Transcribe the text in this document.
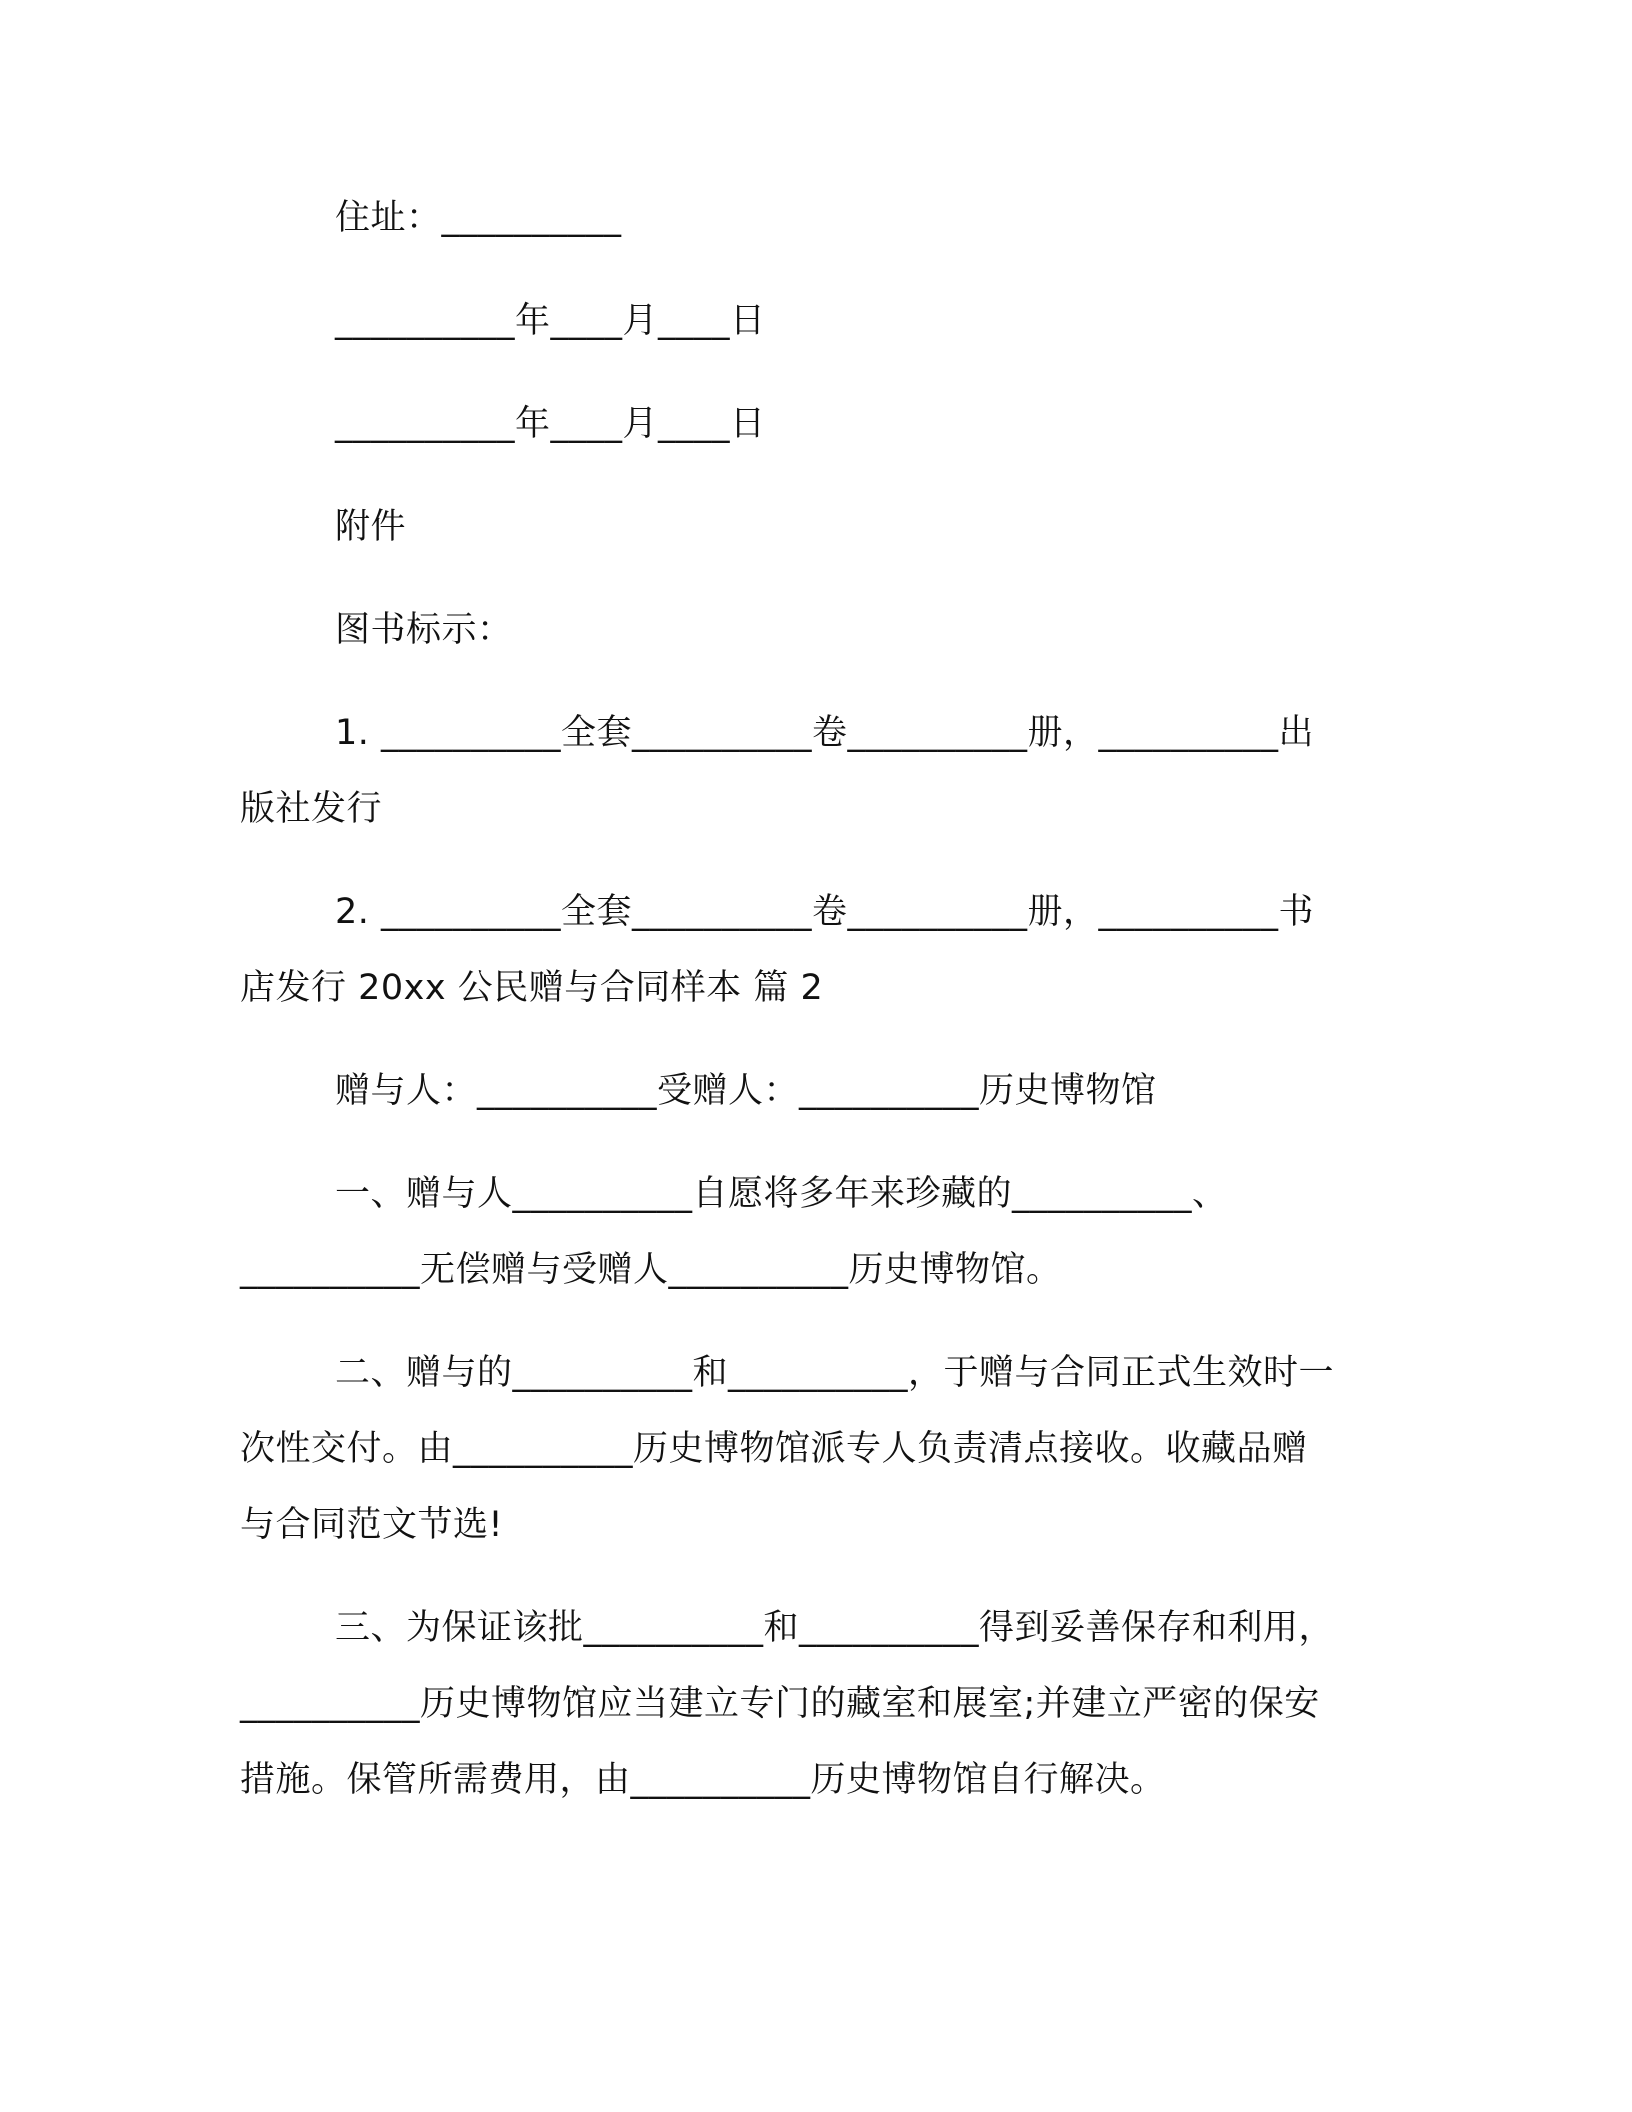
住址：__________
__________年____月____日
__________年____月____日
附件
图书标示：
1. __________全套__________卷__________册，__________出
版社发行
2. __________全套__________卷__________册，__________书
店发行 20xx 公民赠与合同样本 篇 2
赠与人：__________受赠人：__________历史博物馆
一、赠与人__________自愿将多年来珍藏的__________、
__________无偿赠与受赠人__________历史博物馆。
二、赠与的__________和__________，于赠与合同正式生效时一
次性交付。由__________历史博物馆派专人负责清点接收。收藏品赠
与合同范文节选!
三、为保证该批__________和__________得到妥善保存和利用，
__________历史博物馆应当建立专门的藏室和展室;并建立严密的保安
措施。保管所需费用，由__________历史博物馆自行解决。
